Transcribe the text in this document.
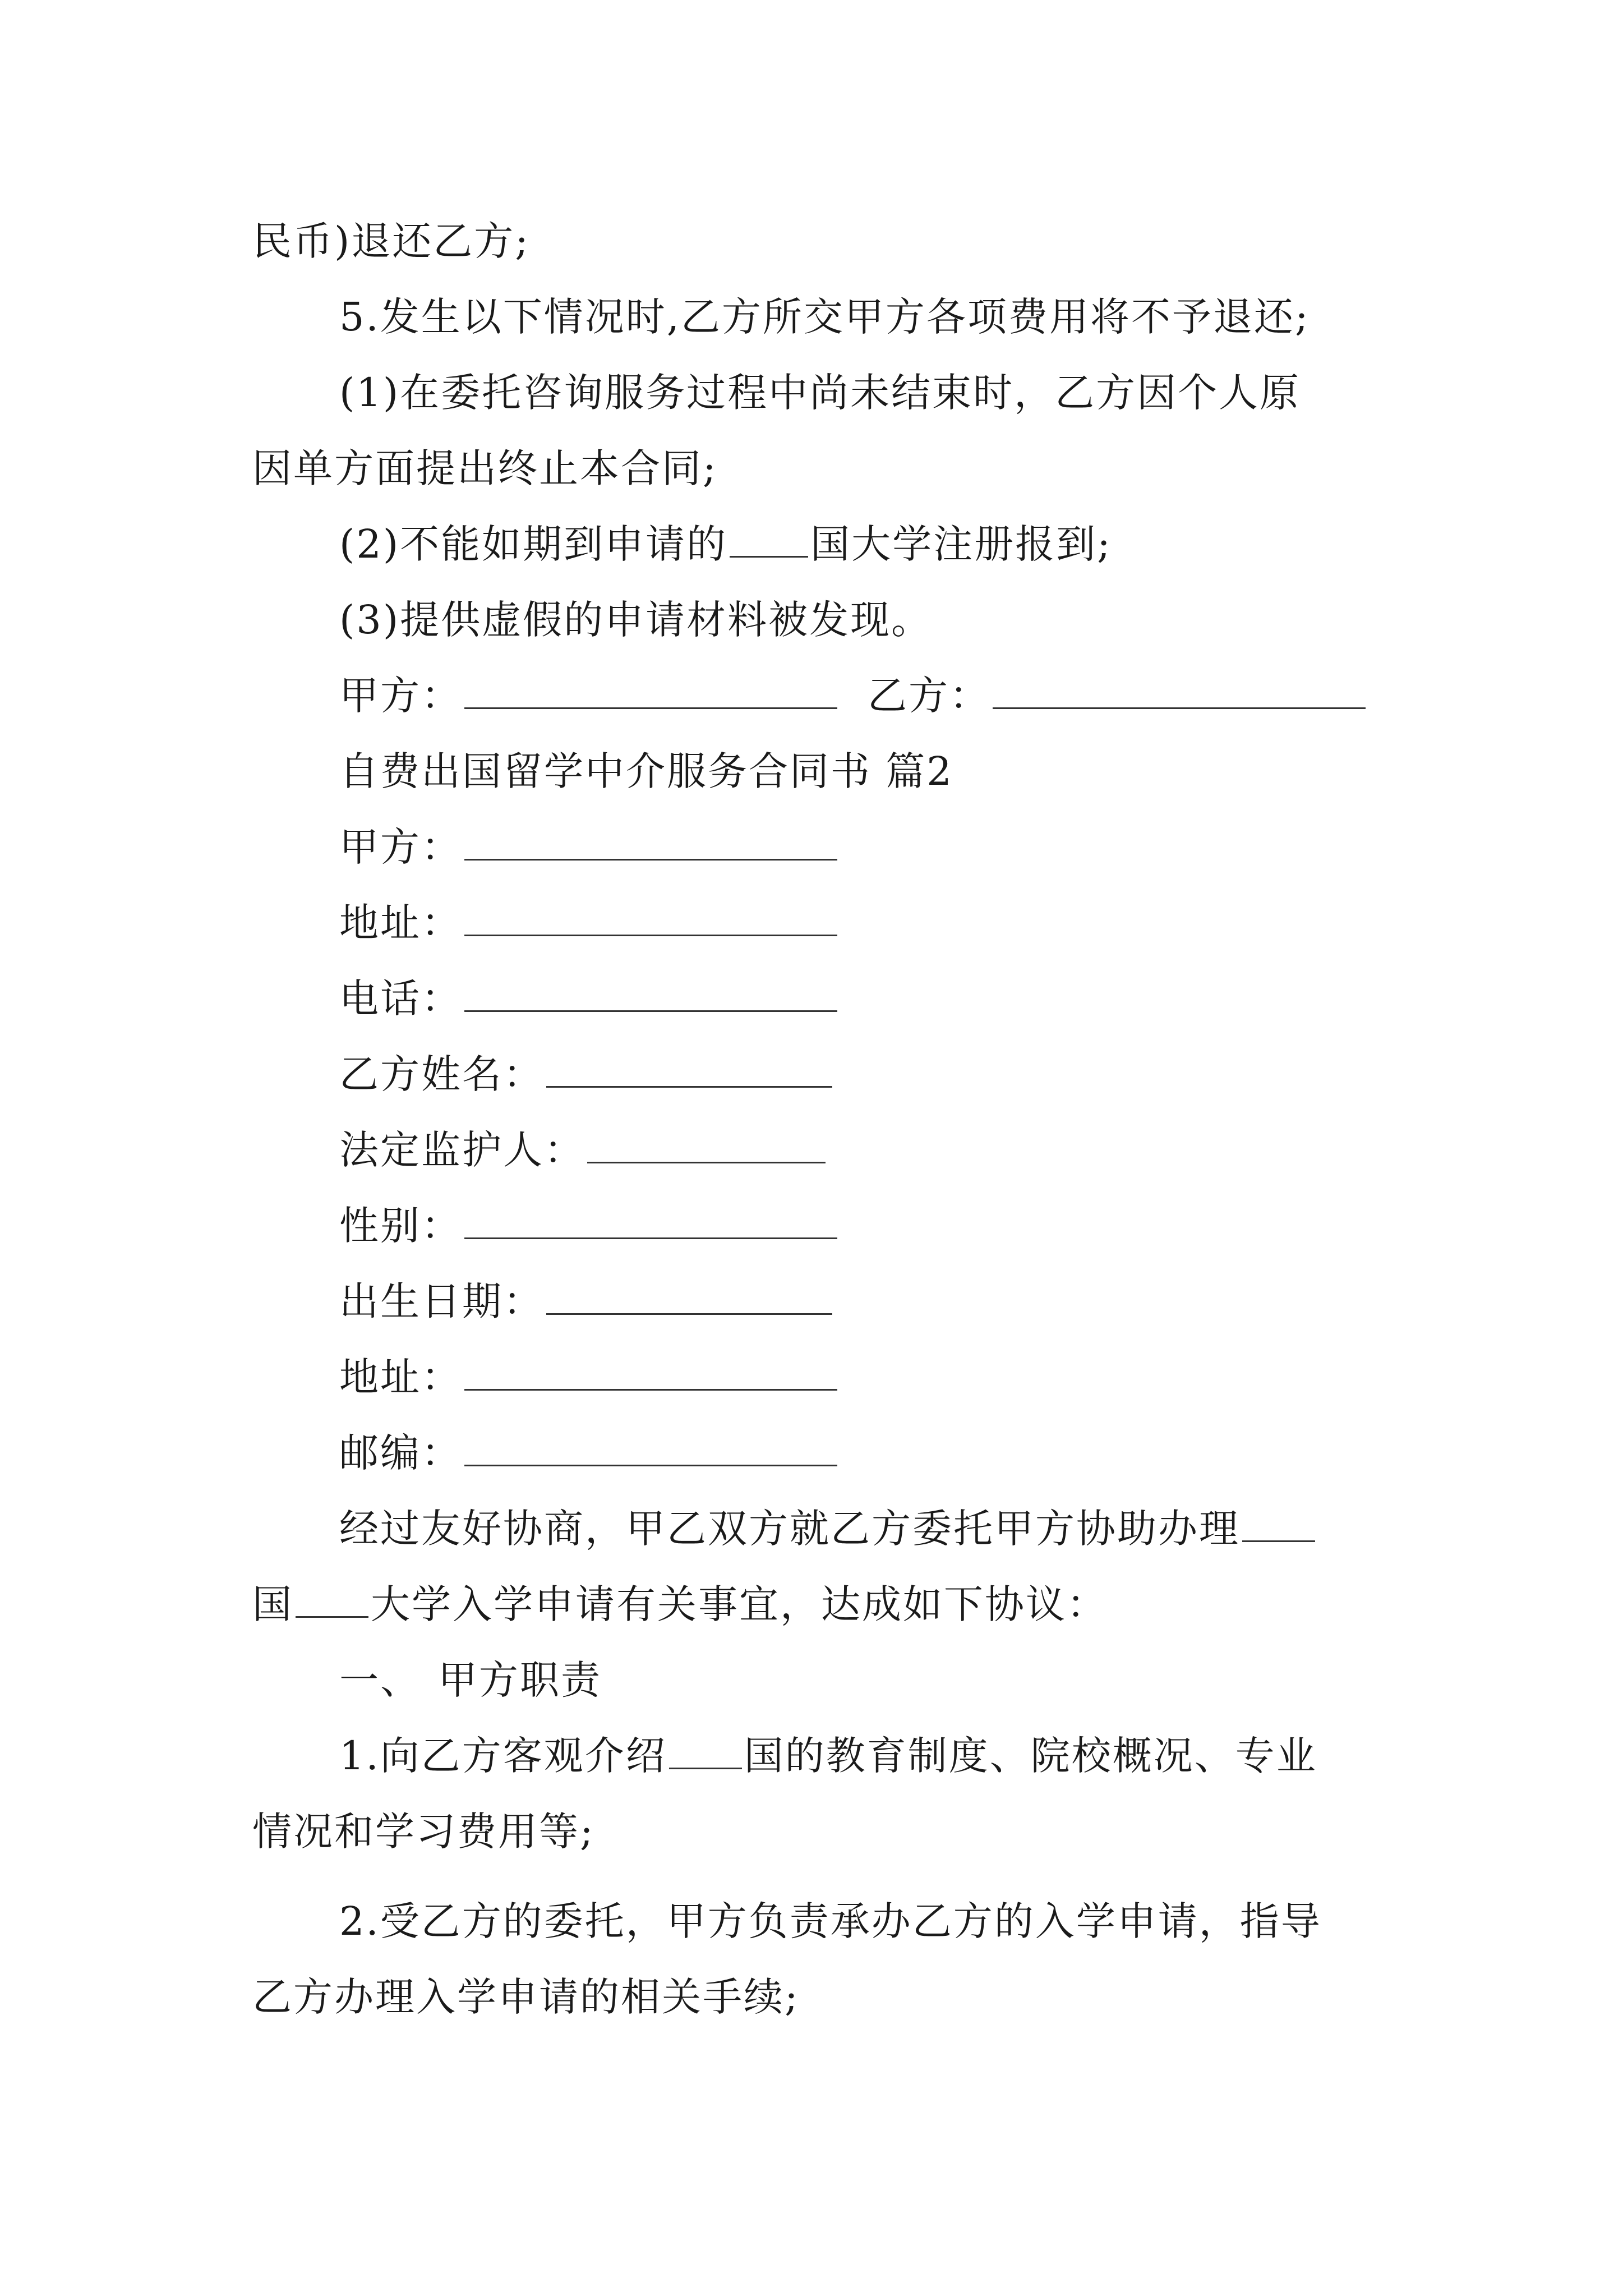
民币)退还乙方;
5.发生以下情况时,乙方所交甲方各项费用将不予退还;
(1)在委托咨询服务过程中尚未结束时，乙方因个人原
因单方面提出终止本合同;
(2)不能如期到申请的 国大学注册报到;
(3)提供虚假的申请材料被发现。
甲方：	乙方：
自费出国留学中介服务合同书 篇2
甲方：
地址：
电话：
乙方姓名：
法定监护人：
性别：
出生日期：
地址：
邮编：
经过友好协商，甲乙双方就乙方委托甲方协助办理
国 大学入学申请有关事宜，达成如下协议：
一、 甲方职责
1.向乙方客观介绍 国的教育制度、院校概况、专业
情况和学习费用等;
2.受乙方的委托，甲方负责承办乙方的入学申请，指导
乙方办理入学申请的相关手续;
